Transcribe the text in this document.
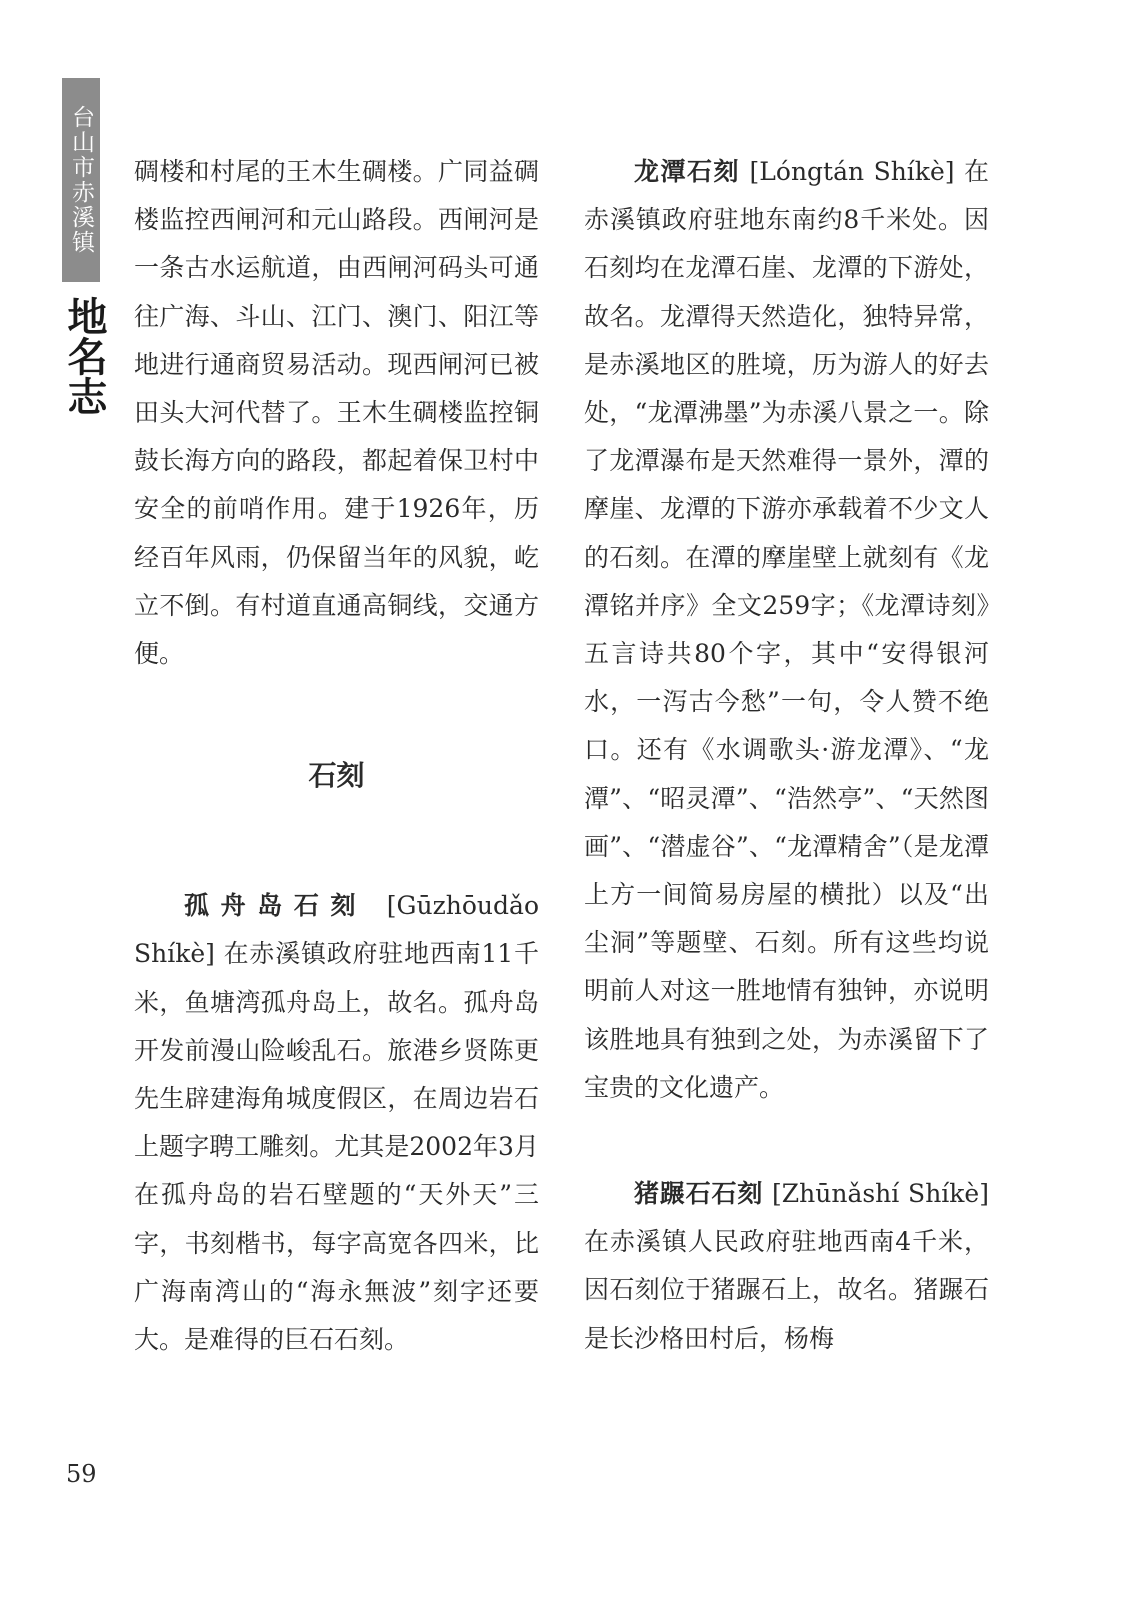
台山市赤溪镇
地名志

碉楼和村尾的王木生碉楼。广同益碉楼监控西闸河和元山路段。西闸河是一条古水运航道，由西闸河码头可通往广海、斗山、江门、澳门、阳江等地进行通商贸易活动。现西闸河已被田头大河代替了。王木生碉楼监控铜鼓长海方向的路段，都起着保卫村中安全的前哨作用。建于1926年，历经百年风雨，仍保留当年的风貌，屹立不倒。有村道直通高铜线，交通方便。

石刻

孤舟岛石刻 [Gūzhōudǎo Shíkè] 在赤溪镇政府驻地西南11千米，鱼塘湾孤舟岛上，故名。孤舟岛开发前漫山险峻乱石。旅港乡贤陈更先生辟建海角城度假区，在周边岩石上题字聘工雕刻。尤其是2002年3月在孤舟岛的岩石壁题的“天外天”三字，书刻楷书，每字高宽各四米，比广海南湾山的“海永無波”刻字还要大。是难得的巨石石刻。

龙潭石刻 [Lóngtán Shíkè] 在赤溪镇政府驻地东南约8千米处。因石刻均在龙潭石崖、龙潭的下游处，故名。龙潭得天然造化，独特异常，是赤溪地区的胜境，历为游人的好去处，“龙潭沸墨”为赤溪八景之一。除了龙潭瀑布是天然难得一景外，潭的摩崖、龙潭的下游亦承载着不少文人的石刻。在潭的摩崖壁上就刻有《龙潭铭并序》全文259字；《龙潭诗刻》五言诗共80个字，其中“安得银河水，一泻古今愁”一句，令人赞不绝口。还有《水调歌头·游龙潭》、“龙潭”、“昭灵潭”、“浩然亭”、“天然图画”、“潜虚谷”、“龙潭精舍”（是龙潭上方一间简易房屋的横批）以及“出尘洞”等题壁、石刻。所有这些均说明前人对这一胜地情有独钟，亦说明该胜地具有独到之处，为赤溪留下了宝贵的文化遗产。

猪蹍石石刻 [Zhūnǎshí Shíkè] 在赤溪镇人民政府驻地西南4千米，因石刻位于猪蹍石上，故名。猪蹍石是长沙格田村后，杨梅

59
